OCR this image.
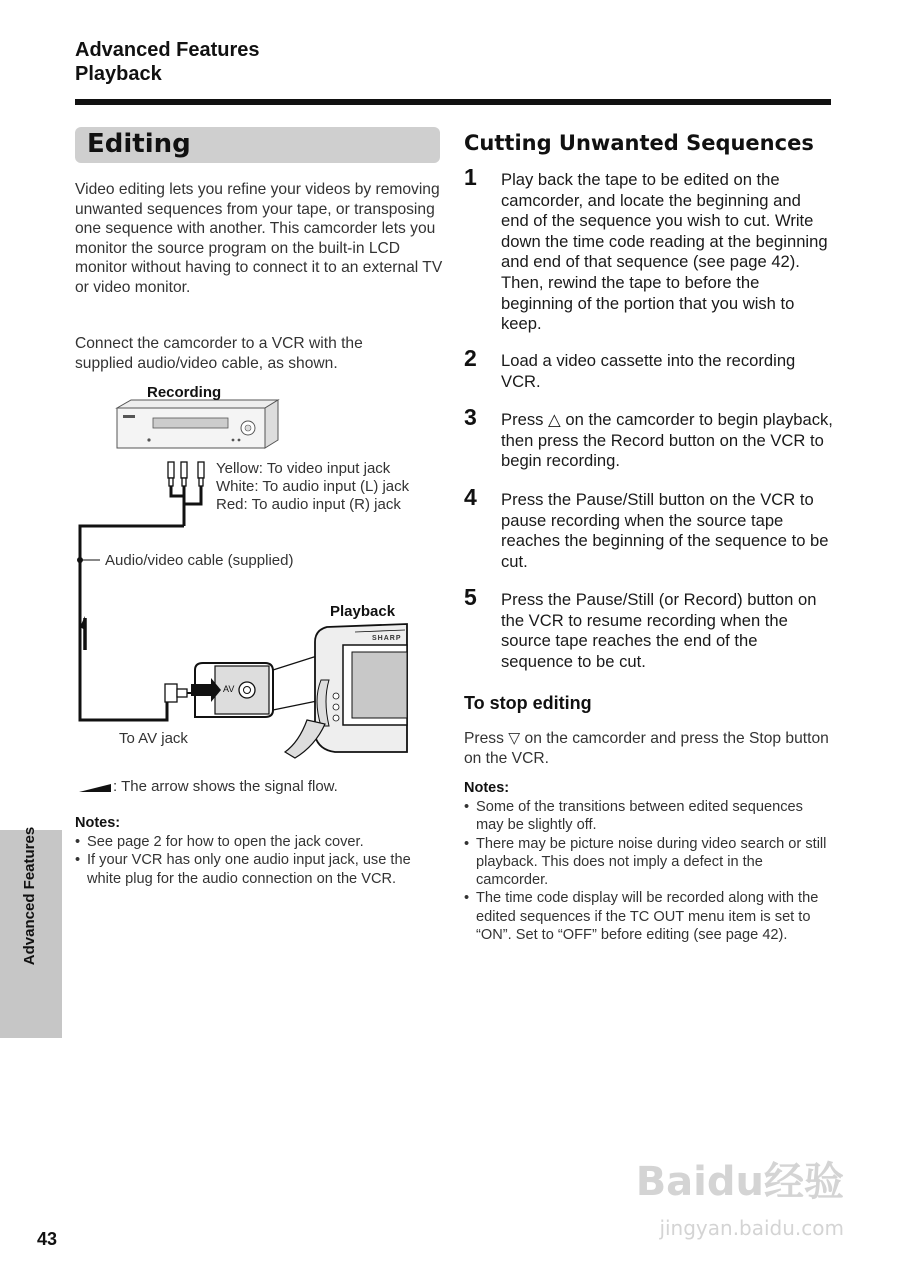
Advanced Features
Playback
Editing
Video editing lets you refine your videos by removing unwanted sequences from your tape, or transposing one sequence with another. This camcorder lets you monitor the source program on the built-in LCD monitor without having to connect it to an external TV or video monitor.
Connect the camcorder to a VCR with the supplied audio/video cable, as shown.
Recording
Yellow: To video input jack
White: To audio input (L) jack
Red: To audio input (R) jack
Audio/video cable (supplied)
Playback
AV
SHARP
To AV jack
: The arrow shows the signal flow.
Notes:
• See page 2 for how to open the jack cover.
• If your VCR has only one audio input jack, use the white plug for the audio connection on the VCR.
Cutting Unwanted Sequences
1 Play back the tape to be edited on the camcorder, and locate the beginning and end of the sequence you wish to cut. Write down the time code reading at the beginning and end of that sequence (see page 42). Then, rewind the tape to before the beginning of the portion that you wish to keep.
2 Load a video cassette into the recording VCR.
3 Press △ on the camcorder to begin playback, then press the Record button on the VCR to begin recording.
4 Press the Pause/Still button on the VCR to pause recording when the source tape reaches the beginning of the sequence to be cut.
5 Press the Pause/Still (or Record) button on the VCR to resume recording when the source tape reaches the end of the sequence to be cut.
To stop editing
Press ▽ on the camcorder and press the Stop button on the VCR.
Notes:
• Some of the transitions between edited sequences may be slightly off.
• There may be picture noise during video search or still playback. This does not imply a defect in the camcorder.
• The time code display will be recorded along with the edited sequences if the TC OUT menu item is set to “ON”. Set to “OFF” before editing (see page 42).
Advanced Features
43
Baidu经验
jingyan.baidu.com
